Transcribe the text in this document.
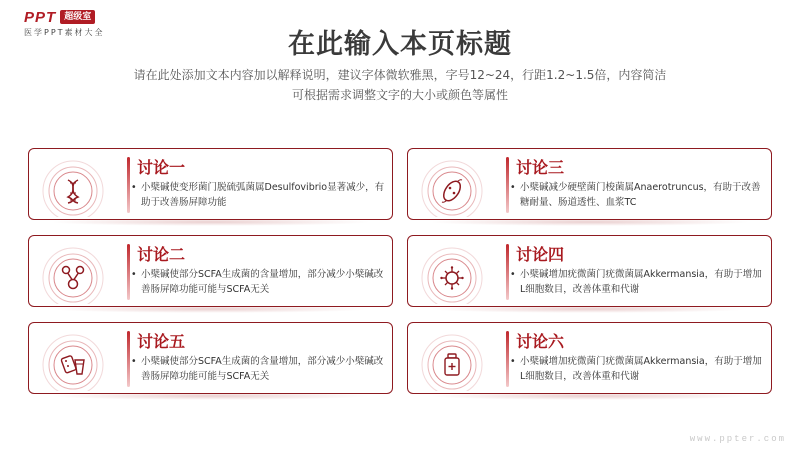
PPT 超级室
医学PPT素材大全	在此输入本页标题
请在此处添加文本内容加以解释说明，建议字体微软雅黑，字号12~24，行距1.2~1.5倍，内容简洁
可根据需求调整文字的大小或颜色等属性
讨论一
• 小檗碱使变形菌门脱硫弧菌属Desulfovibrio显著减少，有助于改善肠屏障功能
讨论二
• 小檗碱使部分SCFA生成菌的含量增加，部分减少小檗碱改善肠屏障功能可能与SCFA无关
讨论五
• 小檗碱使部分SCFA生成菌的含量增加，部分减少小檗碱改善肠屏障功能可能与SCFA无关
讨论三
• 小檗碱减少硬壁菌门梭菌属Anaerotruncus，有助于改善糖耐量、肠道透性、血浆TC
讨论四
• 小檗碱增加疣微菌门疣微菌属Akkermansia，有助于增加L细胞数目，改善体重和代谢
讨论六
• 小檗碱增加疣微菌门疣微菌属Akkermansia，有助于增加L细胞数目，改善体重和代谢
www.ppter.com
